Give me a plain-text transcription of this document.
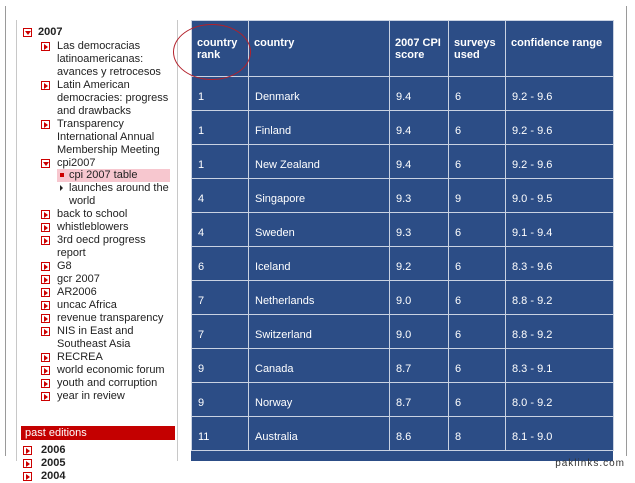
2007
Las democracias latinoamericanas: avances y retrocesos
Latin American democracies: progress and drawbacks
Transparency International Annual Membership Meeting
cpi2007
cpi 2007 table
launches around the world
back to school
whistleblowers
3rd oecd progress report
G8
gcr 2007
AR2006
uncac Africa
revenue transparency
NIS in East and Southeast Asia
RECREA
world economic forum
youth and corruption
year in review
past editions
2006
2005
2004
country rank	country	2007 CPI score	surveys used	confidence range
1	Denmark	9.4	6	9.2 - 9.6
1	Finland	9.4	6	9.2 - 9.6
1	New Zealand	9.4	6	9.2 - 9.6
4	Singapore	9.3	9	9.0 - 9.5
4	Sweden	9.3	6	9.1 - 9.4
6	Iceland	9.2	6	8.3 - 9.6
7	Netherlands	9.0	6	8.8 - 9.2
7	Switzerland	9.0	6	8.8 - 9.2
9	Canada	8.7	6	8.3 - 9.1
9	Norway	8.7	6	8.0 - 9.2
11	Australia	8.6	8	8.1 - 9.0
paklinks.com
